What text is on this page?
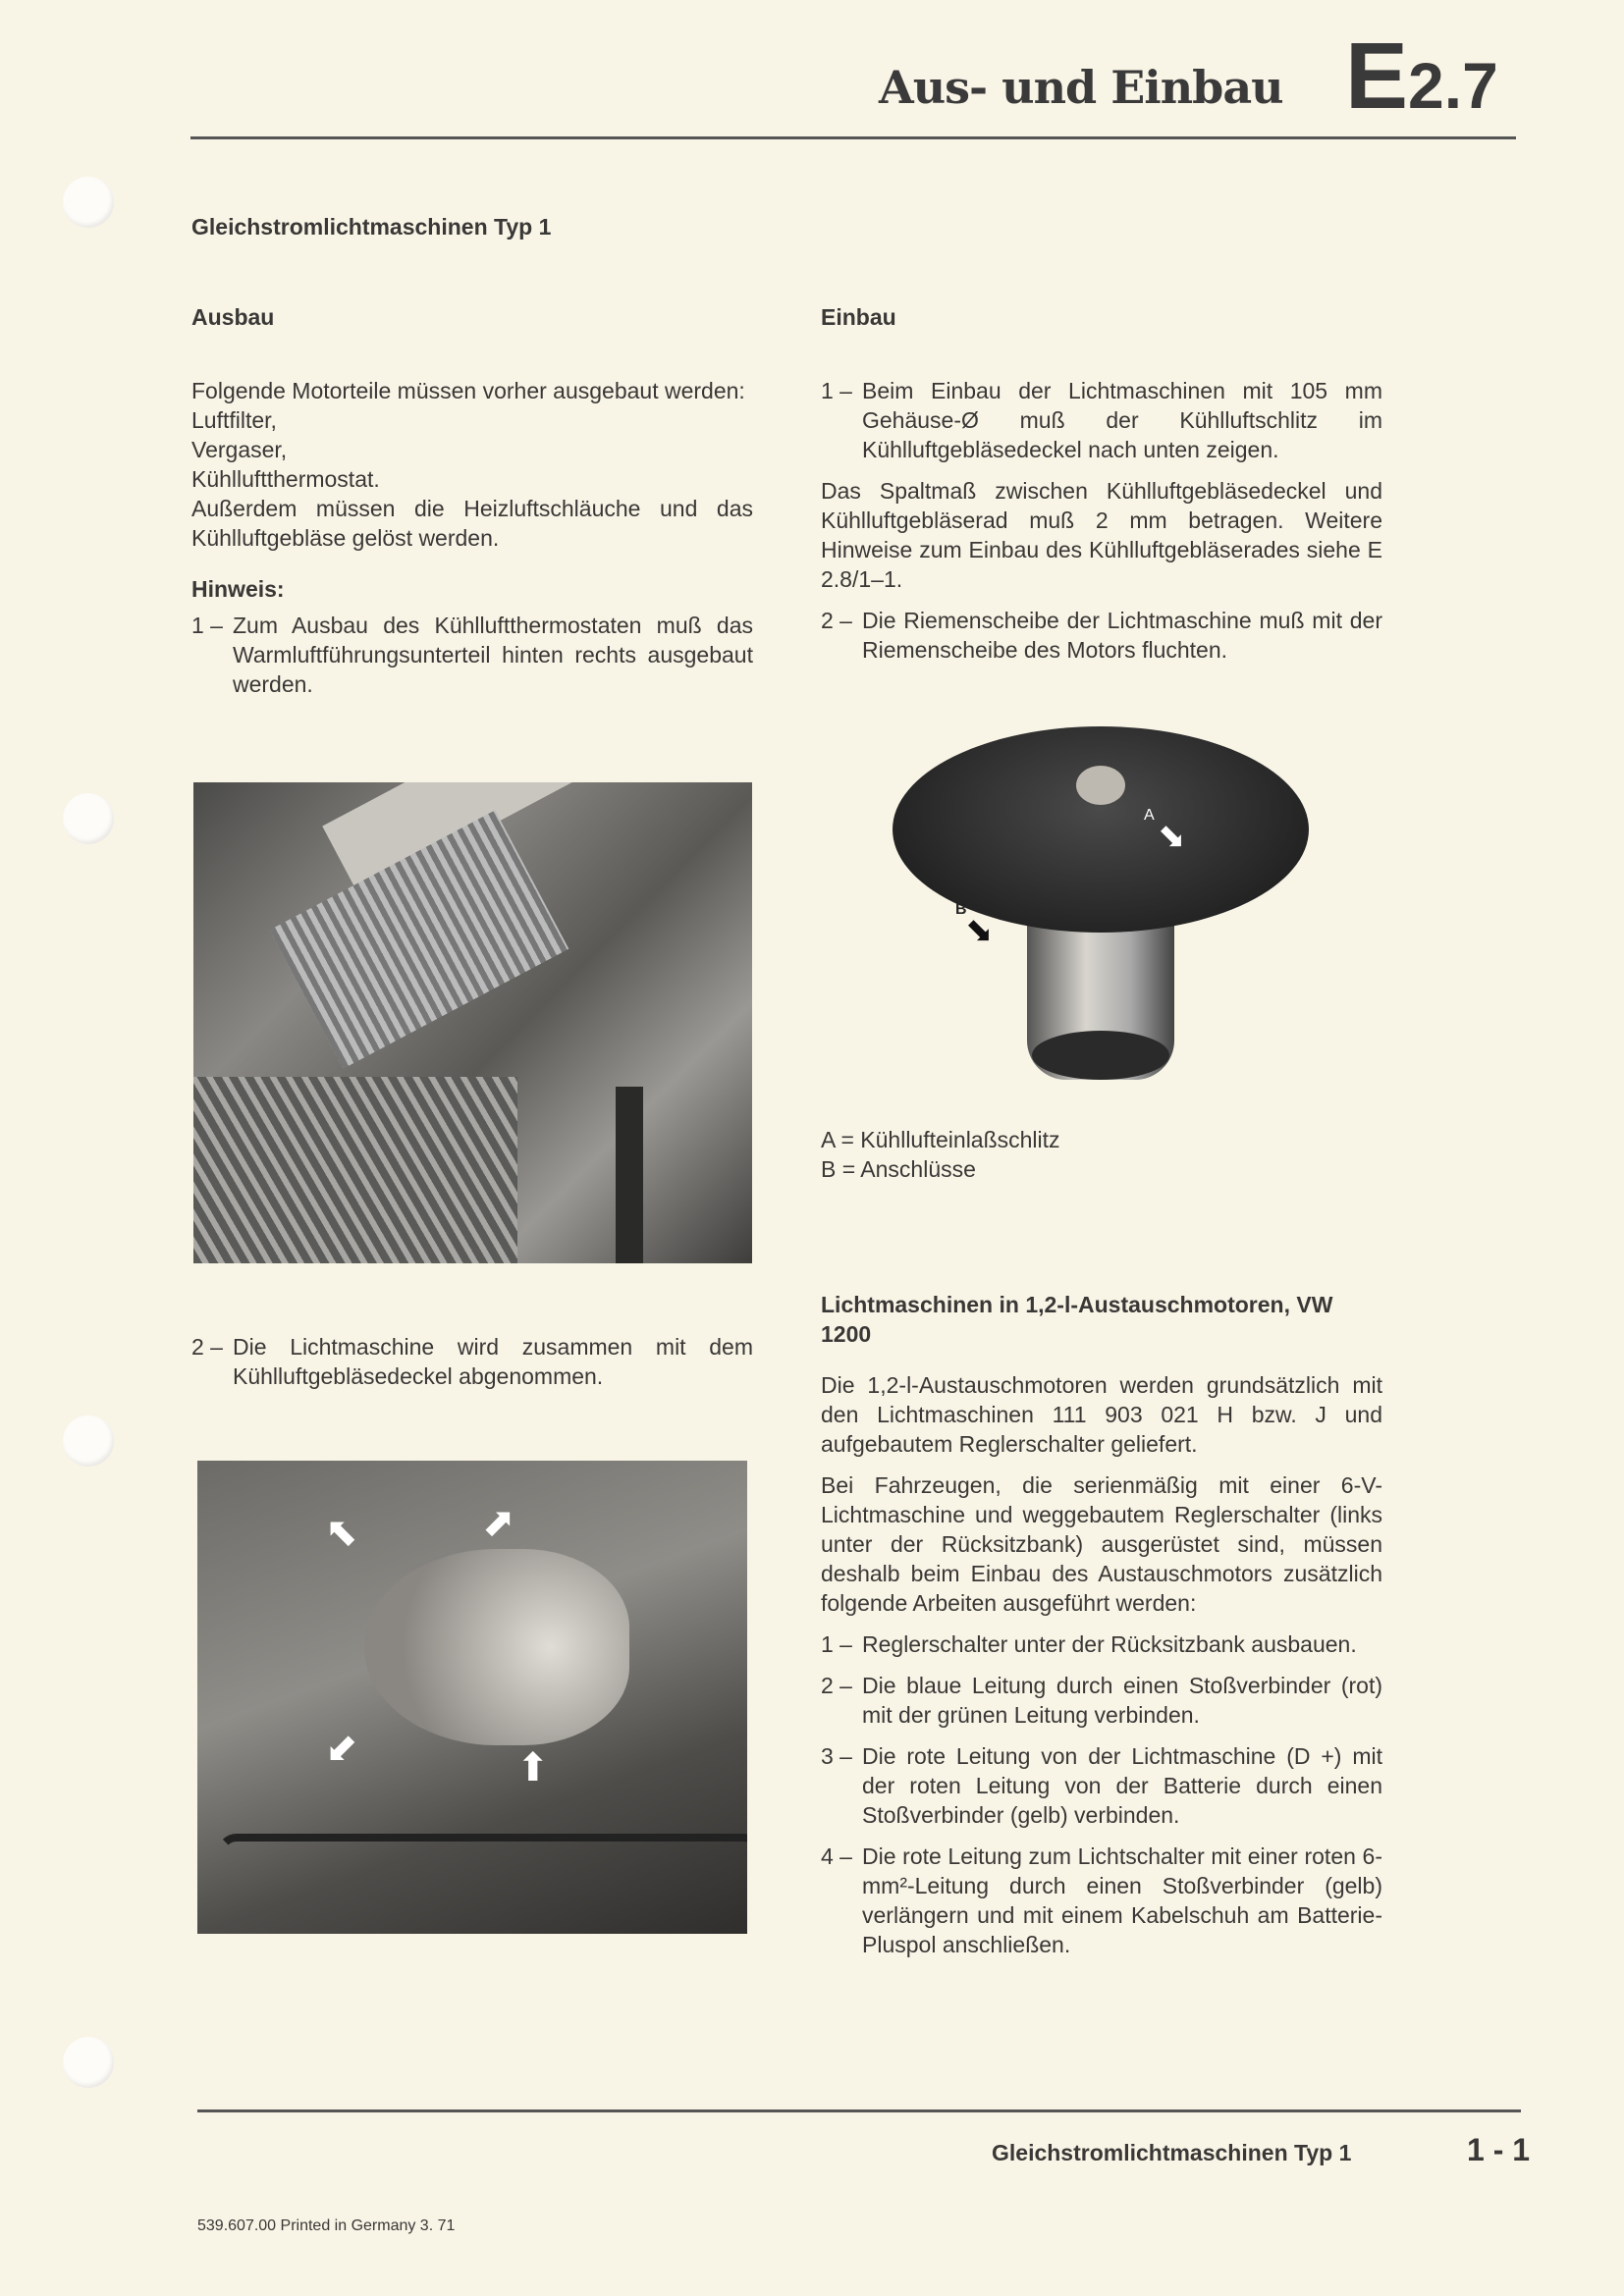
Aus- und Einbau E2.7
Gleichstromlichtmaschinen Typ 1
Ausbau

Folgende Motorteile müssen vorher ausgebaut werden:
Luftfilter,
Vergaser,
Kühlluftthermostat.
Außerdem müssen die Heizluftschläuche und das Kühlluftgebläse gelöst werden.

Hinweis:
1 – Zum Ausbau des Kühlluftthermostaten muß das Warmluftführungsunterteil hinten rechts ausgebaut werden.
2 – Die Lichtmaschine wird zusammen mit dem Kühlluftgebläsedeckel abgenommen.
⬉	⬈
⬋	⬆
Einbau
1 – Beim Einbau der Lichtmaschinen mit 105 mm Gehäuse-Ø muß der Kühlluftschlitz im Kühlluftgebläsedeckel nach unten zeigen.

Das Spaltmaß zwischen Kühlluftgebläsedeckel und Kühlluftgebläserad muß 2 mm betragen. Weitere Hinweise zum Einbau des Kühlluftgebläserades siehe E 2.8/1–1.

2 – Die Riemenscheibe der Lichtmaschine muß mit der Riemenscheibe des Motors fluchten.
A
⬊
B
⬊
A = Kühllufteinlaßschlitz
B = Anschlüsse
Lichtmaschinen in 1,2-l-Austauschmotoren, VW 1200

Die 1,2-l-Austauschmotoren werden grundsätzlich mit den Lichtmaschinen 111 903 021 H bzw. J und aufgebautem Reglerschalter geliefert.

Bei Fahrzeugen, die serienmäßig mit einer 6-V-Lichtmaschine und weggebautem Reglerschalter (links unter der Rücksitzbank) ausgerüstet sind, müssen deshalb beim Einbau des Austauschmotors zusätzlich folgende Arbeiten ausgeführt werden:

1 – Reglerschalter unter der Rücksitzbank ausbauen.
2 – Die blaue Leitung durch einen Stoßverbinder (rot) mit der grünen Leitung verbinden.
3 – Die rote Leitung von der Lichtmaschine (D +) mit der roten Leitung von der Batterie durch einen Stoßverbinder (gelb) verbinden.
4 – Die rote Leitung zum Lichtschalter mit einer roten 6-mm²-Leitung durch einen Stoßverbinder (gelb) verlängern und mit einem Kabelschuh am Batterie-Pluspol anschließen.
Gleichstromlichtmaschinen Typ 1	1 - 1
539.607.00 Printed in Germany 3. 71
